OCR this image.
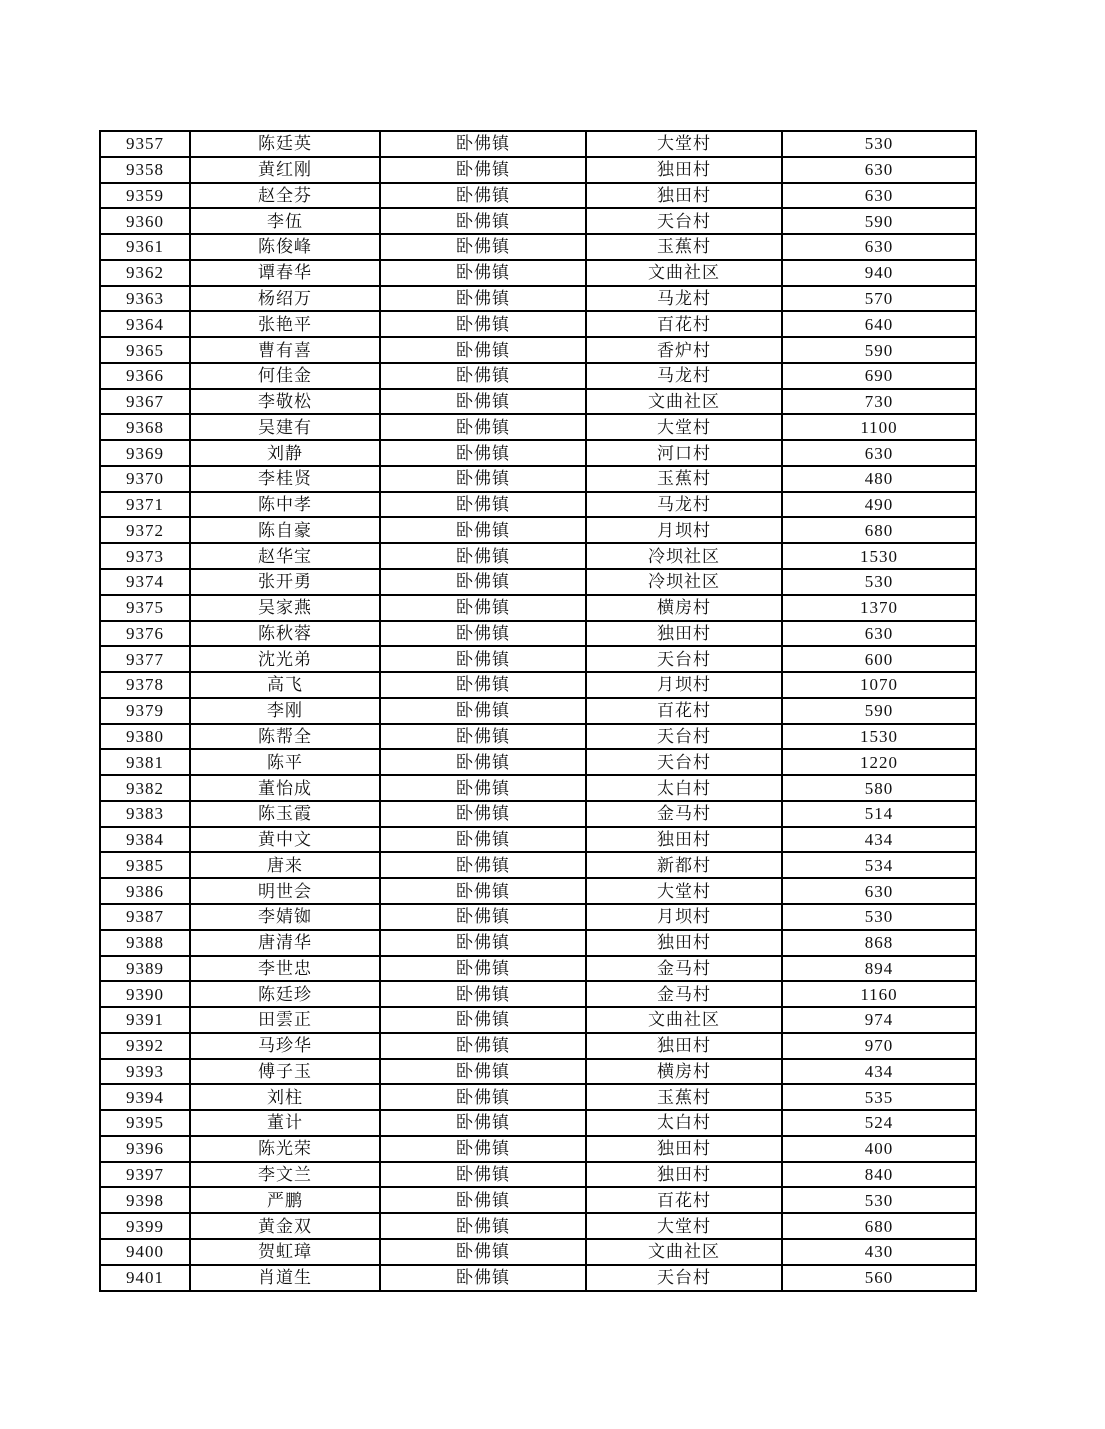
9357	陈廷英	卧佛镇	大堂村	530
9358	黄红刚	卧佛镇	独田村	630
9359	赵全芬	卧佛镇	独田村	630
9360	李伍	卧佛镇	天台村	590
9361	陈俊峰	卧佛镇	玉蕉村	630
9362	谭春华	卧佛镇	文曲社区	940
9363	杨绍万	卧佛镇	马龙村	570
9364	张艳平	卧佛镇	百花村	640
9365	曹有喜	卧佛镇	香炉村	590
9366	何佳金	卧佛镇	马龙村	690
9367	李敬松	卧佛镇	文曲社区	730
9368	吴建有	卧佛镇	大堂村	1100
9369	刘静	卧佛镇	河口村	630
9370	李桂贤	卧佛镇	玉蕉村	480
9371	陈中孝	卧佛镇	马龙村	490
9372	陈自豪	卧佛镇	月坝村	680
9373	赵华宝	卧佛镇	冷坝社区	1530
9374	张开勇	卧佛镇	冷坝社区	530
9375	吴家燕	卧佛镇	横房村	1370
9376	陈秋蓉	卧佛镇	独田村	630
9377	沈光弟	卧佛镇	天台村	600
9378	高飞	卧佛镇	月坝村	1070
9379	李刚	卧佛镇	百花村	590
9380	陈帮全	卧佛镇	天台村	1530
9381	陈平	卧佛镇	天台村	1220
9382	董怡成	卧佛镇	太白村	580
9383	陈玉霞	卧佛镇	金马村	514
9384	黄中文	卧佛镇	独田村	434
9385	唐来	卧佛镇	新都村	534
9386	明世会	卧佛镇	大堂村	630
9387	李婧铷	卧佛镇	月坝村	530
9388	唐清华	卧佛镇	独田村	868
9389	李世忠	卧佛镇	金马村	894
9390	陈廷珍	卧佛镇	金马村	1160
9391	田雲正	卧佛镇	文曲社区	974
9392	马珍华	卧佛镇	独田村	970
9393	傅子玉	卧佛镇	横房村	434
9394	刘柱	卧佛镇	玉蕉村	535
9395	董计	卧佛镇	太白村	524
9396	陈光荣	卧佛镇	独田村	400
9397	李文兰	卧佛镇	独田村	840
9398	严鹏	卧佛镇	百花村	530
9399	黄金双	卧佛镇	大堂村	680
9400	贺虹璋	卧佛镇	文曲社区	430
9401	肖道生	卧佛镇	天台村	560
